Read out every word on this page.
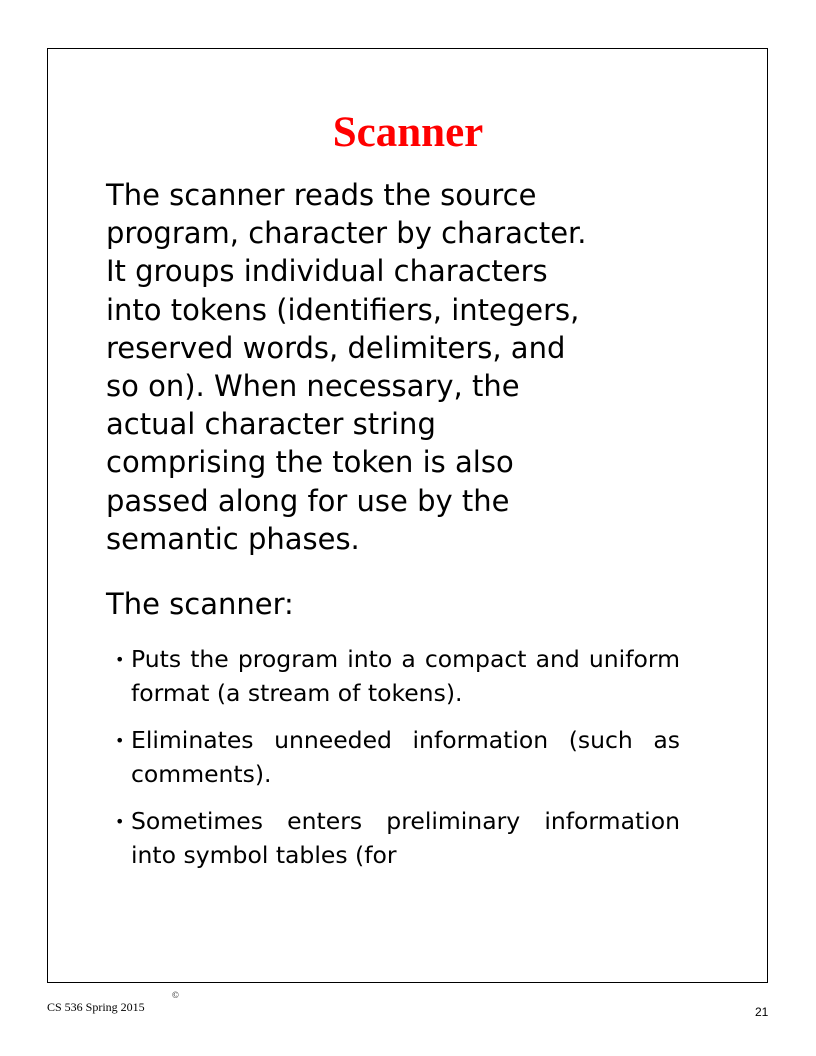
Scanner

The scanner reads the source
program, character by character.
It groups individual characters
into tokens (identifiers, integers,
reserved words, delimiters, and
so on). When necessary, the
actual character string
comprising the token is also
passed along for use by the
semantic phases.

The scanner:

• Puts the program into a compact and uniform format (a stream of tokens).
• Eliminates unneeded information (such as comments).
• Sometimes enters preliminary information into symbol tables (for
CS 536 Spring 2015
©
21
